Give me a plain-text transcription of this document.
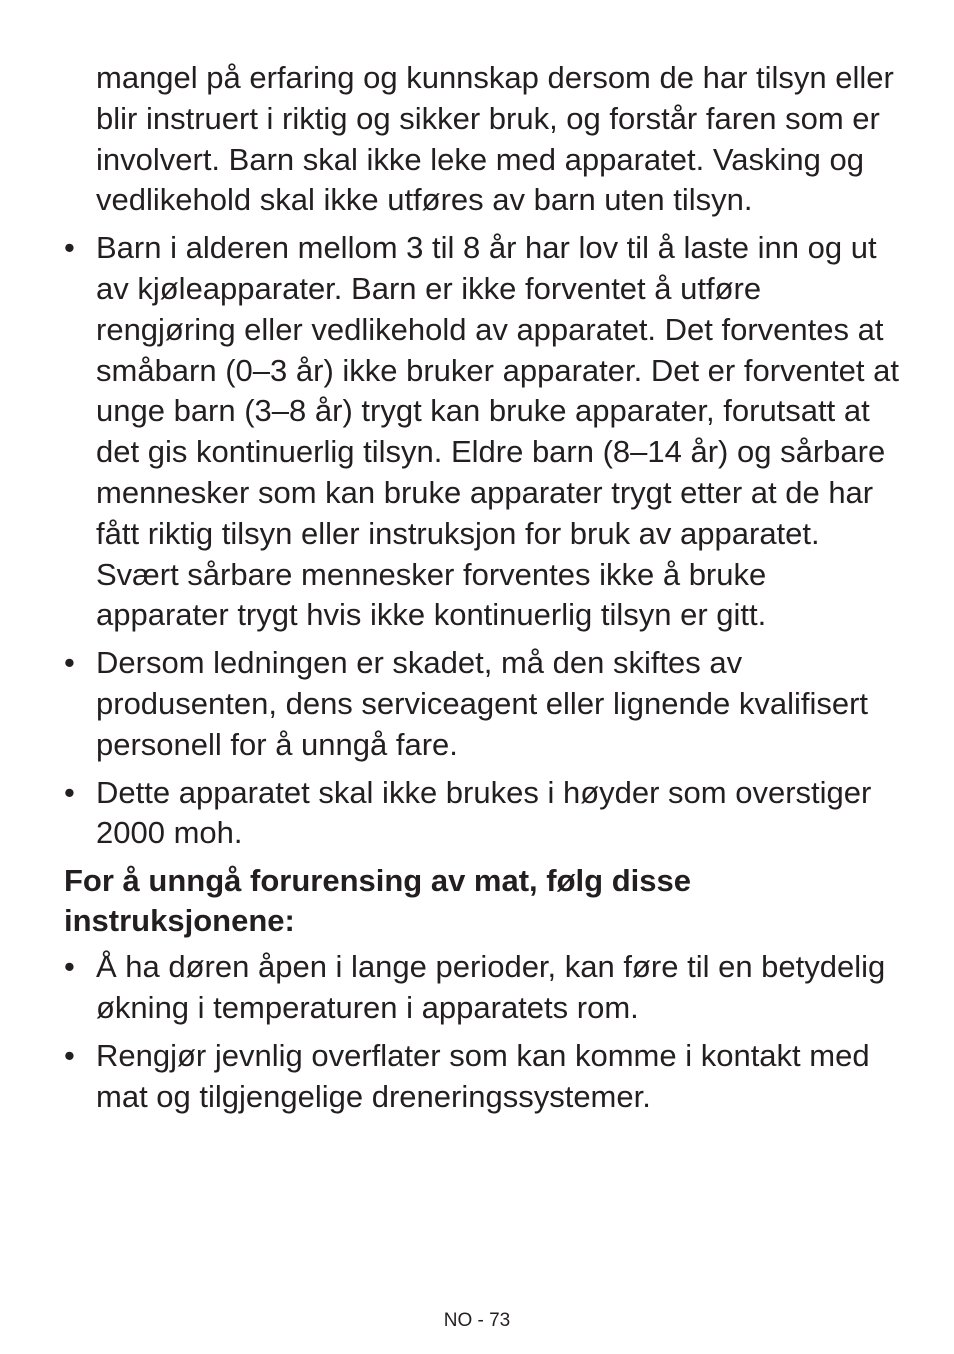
mangel på erfaring og kunnskap dersom de har tilsyn eller blir instruert i riktig og sikker bruk, og forstår faren som er involvert. Barn skal ikke leke med apparatet. Vasking og vedlikehold skal ikke utføres av barn uten tilsyn.

• Barn i alderen mellom 3 til 8 år har lov til å laste inn og ut av kjøleapparater. Barn er ikke forventet å utføre rengjøring eller vedlikehold av apparatet. Det forventes at småbarn (0–3 år) ikke bruker apparater. Det er forventet at unge barn (3–8 år) trygt kan bruke apparater, forutsatt at det gis kontinuerlig tilsyn. Eldre barn (8–14 år) og sårbare mennesker som kan bruke apparater trygt etter at de har fått riktig tilsyn eller instruksjon for bruk av apparatet. Svært sårbare mennesker forventes ikke å bruke apparater trygt hvis ikke kontinuerlig tilsyn er gitt.
• Dersom ledningen er skadet, må den skiftes av produsenten, dens serviceagent eller lignende kvalifisert personell for å unngå fare.
• Dette apparatet skal ikke brukes i høyder som overstiger 2000 moh.

For å unngå forurensing av mat, følg disse instruksjonene:

• Å ha døren åpen i lange perioder, kan føre til en betydelig økning i temperaturen i apparatets rom.
• Rengjør jevnlig overflater som kan komme i kontakt med mat og tilgjengelige dreneringssystemer.
NO - 73
